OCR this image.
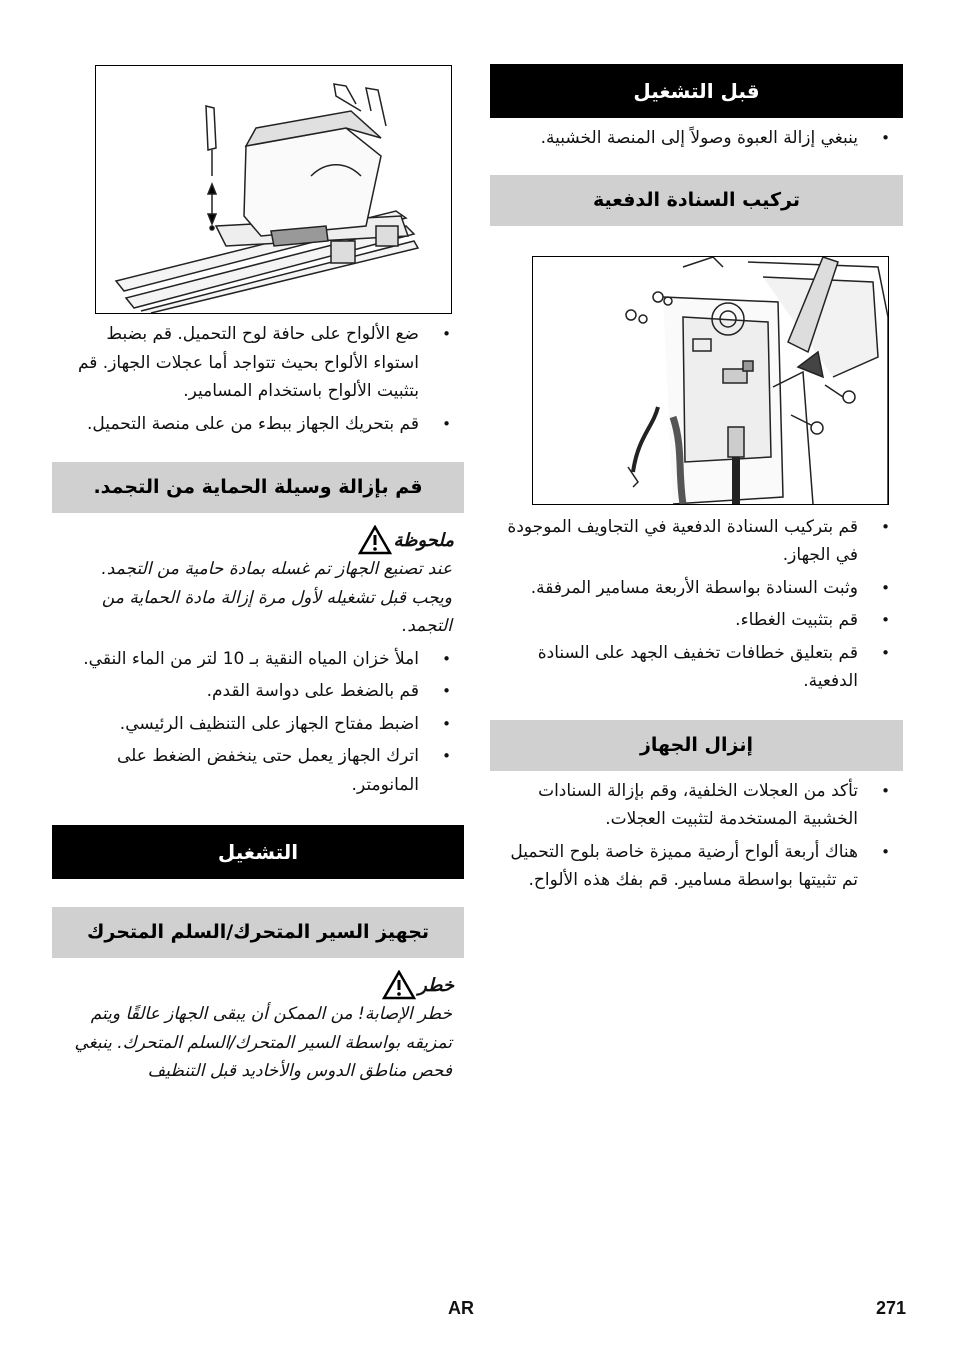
قبل التشغيل
• ينبغي إزالة العبوة وصولاً إلى المنصة الخشبية.
تركيب السنادة الدفعية
• قم بتركيب السنادة الدفعية في التجاويف الموجودة في الجهاز.
• وثبت السنادة بواسطة الأربعة مسامير المرفقة.
• قم بتثبيت الغطاء.
• قم بتعليق خطافات تخفيف الجهد على السنادة الدفعية.
إنزال الجهاز
• تأكد من العجلات الخلفية، وقم بإزالة السنادات الخشبية المستخدمة لتثبيت العجلات.
• هناك أربعة ألواح أرضية مميزة خاصة بلوح التحميل تم تثبيتها بواسطة مسامير. قم بفك هذه الألواح.
• ضع الألواح على حافة لوح التحميل. قم بضبط استواء الألواح بحيث تتواجد أما عجلات الجهاز. قم بتثبيت الألواح باستخدام المسامير.
• قم بتحريك الجهاز ببطء من على منصة التحميل.
قم بإزالة وسيلة الحماية من التجمد.
ملحوظة
عند تصنيع الجهاز تم غسله بمادة حامية من التجمد. ويجب قبل تشغيله لأول مرة إزالة مادة الحماية من التجمد.
• املأ خزان المياه النقية بـ 10 لتر من الماء النقي.
• قم بالضغط على دواسة القدم.
• اضبط مفتاح الجهاز على التنظيف الرئيسي.
• اترك الجهاز يعمل حتى ينخفض الضغط على المانومتر.
التشغيل
تجهيز السير المتحرك/السلم المتحرك
خطر
خطر الإصابة! من الممكن أن يبقى الجهاز عالقًا ويتم تمزيقه بواسطة السير المتحرك/السلم المتحرك. ينبغي فحص مناطق الدوس والأخاديد قبل التنظيف
AR	271
